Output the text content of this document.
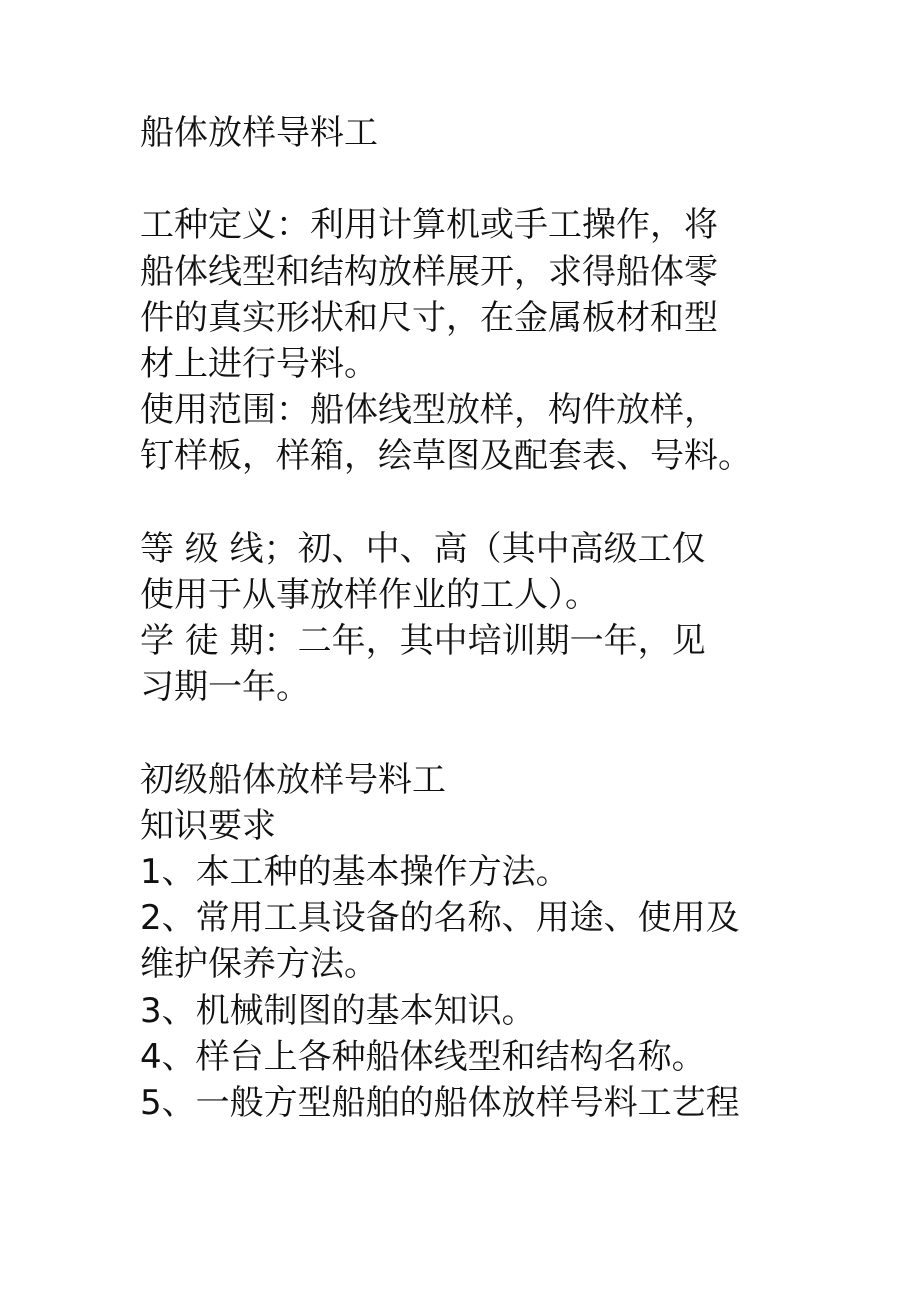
船体放样导料工
工种定义：利用计算机或手工操作，将
船体线型和结构放样展开，求得船体零
件的真实形状和尺寸，在金属板材和型
材上进行号料。
使用范围：船体线型放样，构件放样，
钉样板，样箱，绘草图及配套表、号料。
等 级 线；初、中、高（其中高级工仅
使用于从事放样作业的工人）。
学 徒 期：二年，其中培训期一年，见
习期一年。
初级船体放样号料工
知识要求
1、本工种的基本操作方法。
2、常用工具设备的名称、用途、使用及
维护保养方法。
3、机械制图的基本知识。
4、样台上各种船体线型和结构名称。
5、一般方型船舶的船体放样号料工艺程
